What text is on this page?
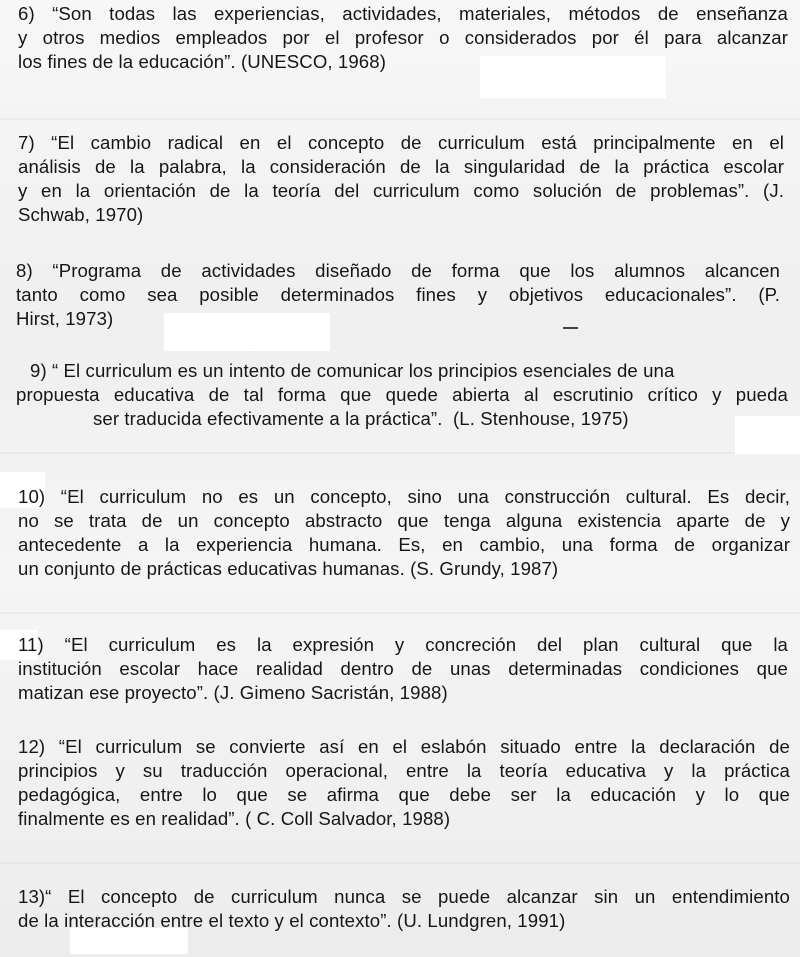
6) “Son todas las experiencias, actividades, materiales, métodos de enseñanza
y otros medios empleados por el profesor o considerados por él para alcanzar
los fines de la educación”. (UNESCO, 1968)
7) “El cambio radical en el concepto de curriculum está principalmente en el
análisis de la palabra, la consideración de la singularidad de la práctica escolar
y en la orientación de la teoría del curriculum como solución de problemas”. (J.
Schwab, 1970)
8) “Programa de actividades diseñado de forma que los alumnos alcancen
tanto como sea posible determinados fines y objetivos educacionales”. (P.
Hirst, 1973)
9) “ El curriculum es un intento de comunicar los principios esenciales de una
propuesta educativa de tal forma que quede abierta al escrutinio crítico y pueda
ser traducida efectivamente a la práctica”.  (L. Stenhouse, 1975)
10) “El curriculum no es un concepto, sino una construcción cultural. Es decir,
no se trata de un concepto abstracto que tenga alguna existencia aparte de y
antecedente a la experiencia humana. Es, en cambio, una forma de organizar
un conjunto de prácticas educativas humanas. (S. Grundy, 1987)
11) “El curriculum es la expresión y concreción del plan cultural que la
institución escolar hace realidad dentro de unas determinadas condiciones que
matizan ese proyecto”. (J. Gimeno Sacristán, 1988)
12) “El curriculum se convierte así en el eslabón situado entre la declaración de
principios y su traducción operacional, entre la teoría educativa y la práctica
pedagógica, entre lo que se afirma que debe ser la educación y lo que
finalmente es en realidad”. ( C. Coll Salvador, 1988)
13)“ El concepto de curriculum nunca se puede alcanzar sin un entendimiento
de la interacción entre el texto y el contexto”. (U. Lundgren, 1991)
